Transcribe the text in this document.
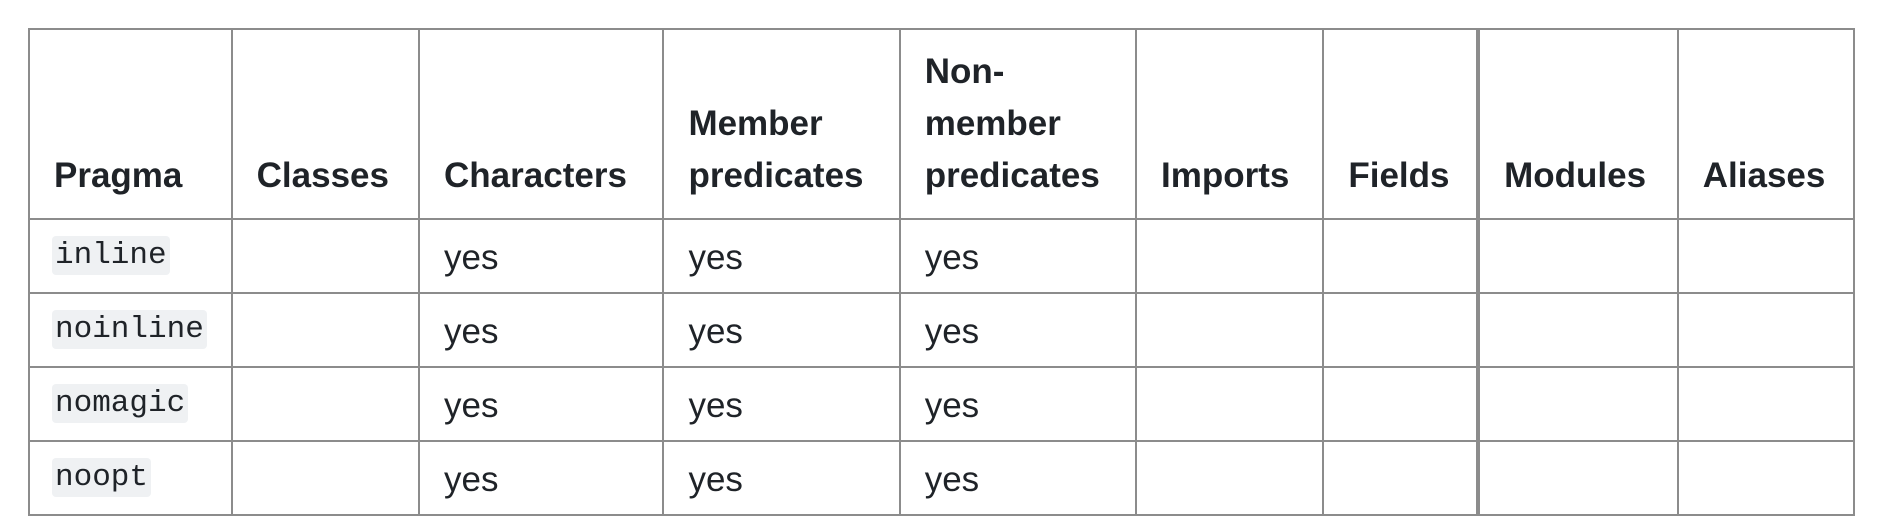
Pragma	Classes	Characters	Member predicates	Non-member predicates	Imports	Fields	Modules	Aliases
inline		yes	yes	yes				
noinline		yes	yes	yes				
nomagic		yes	yes	yes				
noopt		yes	yes	yes				
